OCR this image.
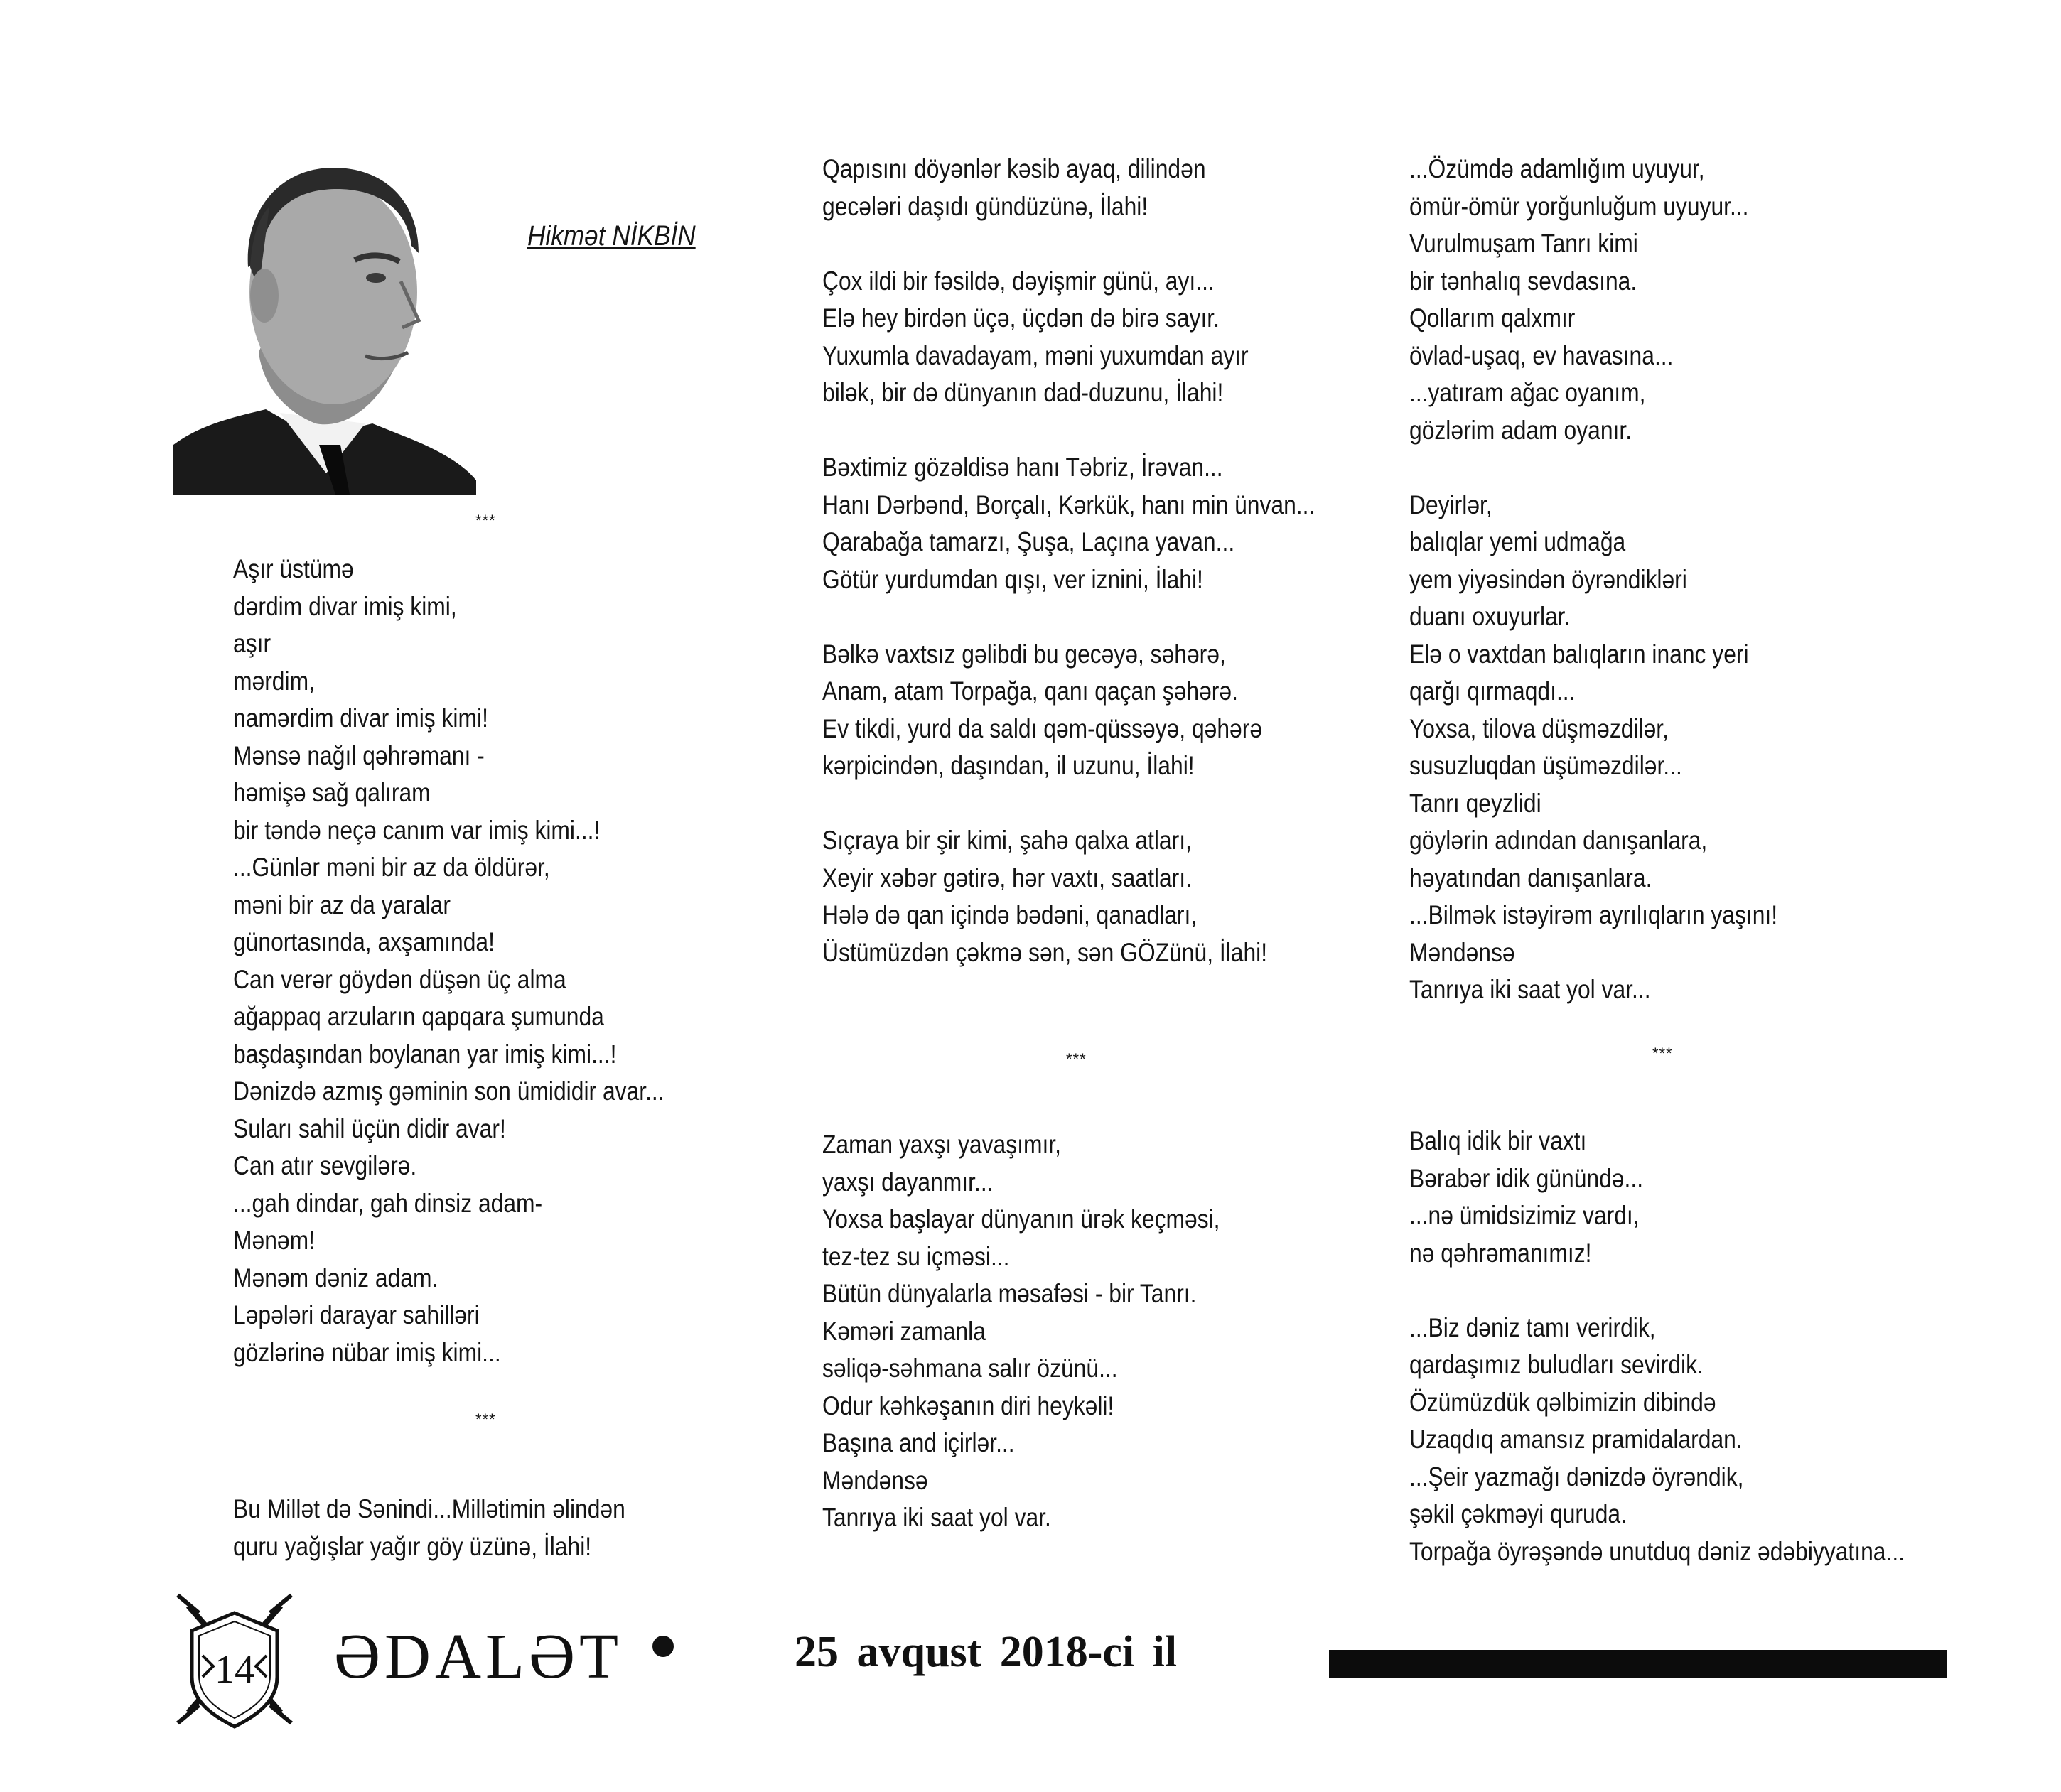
Hikmət NİKBİN
***
Aşır üstümə
dərdim divar imiş kimi,
aşır
mərdim,
namərdim divar imiş kimi!
Mənsə nağıl qəhrəmanı -
həmişə sağ qalıram
bir təndə neçə canım var imiş kimi...!
...Günlər məni bir az da öldürər,
məni bir az da yaralar
günortasında, axşamında!
Can verər göydən düşən üç alma
ağappaq arzuların qapqara şumunda
başdaşından boylanan yar imiş kimi...!
Dənizdə azmış gəminin son ümididir avar...
Suları sahil üçün didir avar!
Can atır sevgilərə.
...gah dindar, gah dinsiz adam-
Mənəm!
Mənəm dəniz adam.
Ləpələri darayar sahilləri
gözlərinə nübar imiş kimi...
***
Bu Millət də Sənindi...Millətimin əlindən
quru yağışlar yağır göy üzünə, İlahi!
Qapısını döyənlər kəsib ayaq, dilindən
gecələri daşıdı gündüzünə, İlahi!
Çox ildi bir fəsildə, dəyişmir günü, ayı...
Elə hey birdən üçə, üçdən də birə sayır.
Yuxumla davadayam, məni yuxumdan ayır
bilək, bir də dünyanın dad-duzunu, İlahi!
Bəxtimiz gözəldisə hanı Təbriz, İrəvan...
Hanı Dərbənd, Borçalı, Kərkük, hanı min ünvan...
Qarabağa tamarzı, Şuşa, Laçına yavan...
Götür yurdumdan qışı, ver iznini, İlahi!
Bəlkə vaxtsız gəlibdi bu gecəyə, səhərə,
Anam, atam Torpağa, qanı qaçan şəhərə.
Ev tikdi, yurd da saldı qəm-qüssəyə, qəhərə
kərpicindən, daşından, il uzunu, İlahi!
Sıçraya bir şir kimi, şahə qalxa atları,
Xeyir xəbər gətirə, hər vaxtı, saatları.
Hələ də qan içində bədəni, qanadları,
Üstümüzdən çəkmə sən, sən GÖZünü, İlahi!
***
Zaman yaxşı yavaşımır,
yaxşı dayanmır...
Yoxsa başlayar dünyanın ürək keçməsi,
tez-tez su içməsi...
Bütün dünyalarla məsafəsi - bir Tanrı.
Kəməri zamanla
səliqə-səhmana salır özünü...
Odur kəhkəşanın diri heykəli!
Başına and içirlər...
Məndənsə
Tanrıya iki saat yol var.
...Özümdə adamlığım uyuyur,
ömür-ömür yorğunluğum uyuyur...
Vurulmuşam Tanrı kimi
bir tənhalıq sevdasına.
Qollarım qalxmır
övlad-uşaq, ev havasına...
...yatıram ağac oyanım,
gözlərim adam oyanır.
Deyirlər,
balıqlar yemi udmağa
yem yiyəsindən öyrəndikləri
duanı oxuyurlar.
Elə o vaxtdan balıqların inanc yeri
qarğı qırmaqdı...
Yoxsa, tilova düşməzdilər,
susuzluqdan üşüməzdilər...
Tanrı qeyzlidi
göylərin adından danışanlara,
həyatından danışanlara.
...Bilmək istəyirəm ayrılıqların yaşını!
Məndənsə
Tanrıya iki saat yol var...
***
Balıq idik bir vaxtı
Bərabər idik günündə...
...nə ümidsizimiz vardı,
nə qəhrəmanımız!
...Biz dəniz tamı verirdik,
qardaşımız buludları sevirdik.
Özümüzdük qəlbimizin dibində
Uzaqdıq amansız pramidalardan.
...Şeir yazmağı dənizdə öyrəndik,
şəkil çəkməyi quruda.
Torpağa öyrəşəndə unutduq dəniz ədəbiyyatına...
14 ƏDALƏT	25 avqust 2018-ci il
